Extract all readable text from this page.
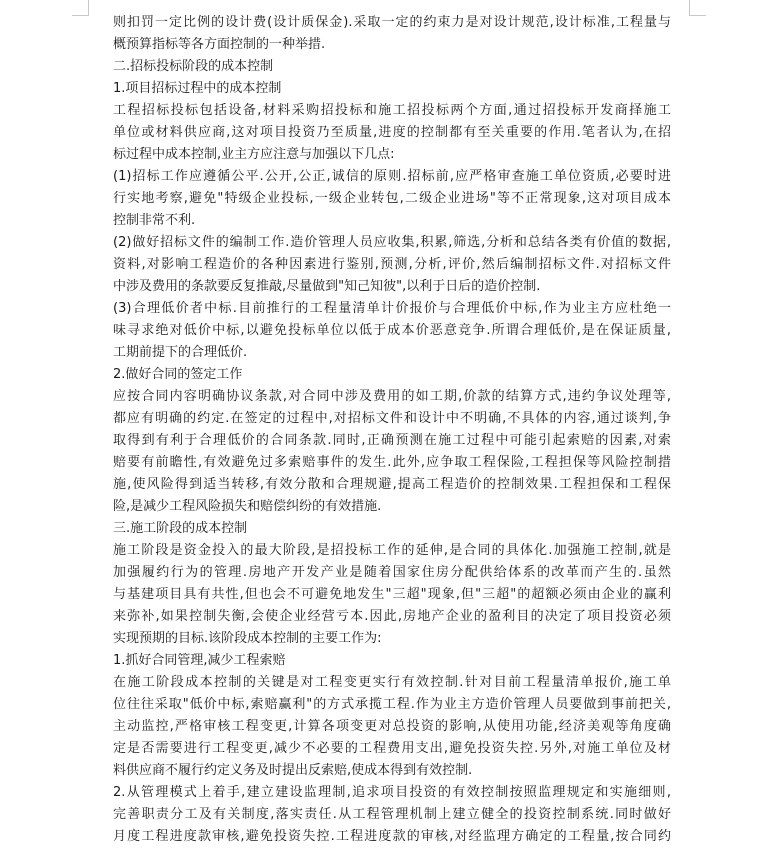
则扣罚一定比例的设计费(设计质保金).采取一定的约束力是对设计规范,设计标准,工程量与
概预算指标等各方面控制的一种举措.
二.招标投标阶段的成本控制
1.项目招标过程中的成本控制
工程招标投标包括设备,材料采购招投标和施工招投标两个方面,通过招投标开发商择施工
单位或材料供应商,这对项目投资乃至质量,进度的控制都有至关重要的作用.笔者认为,在招
标过程中成本控制,业主方应注意与加强以下几点:
(1)招标工作应遵循公平.公开,公正,诚信的原则.招标前,应严格审查施工单位资质,必要时进
行实地考察,避免"特级企业投标,一级企业转包,二级企业进场"等不正常现象,这对项目成本
控制非常不利.
(2)做好招标文件的编制工作.造价管理人员应收集,积累,筛选,分析和总结各类有价值的数据,
资料,对影响工程造价的各种因素进行鉴别,预测,分析,评价,然后编制招标文件.对招标文件
中涉及费用的条款要反复推敲,尽量做到"知己知彼",以利于日后的造价控制.
(3)合理低价者中标.目前推行的工程量清单计价报价与合理低价中标,作为业主方应杜绝一
味寻求绝对低价中标,以避免投标单位以低于成本价恶意竞争.所谓合理低价,是在保证质量,
工期前提下的合理低价.
2.做好合同的签定工作
应按合同内容明确协议条款,对合同中涉及费用的如工期,价款的结算方式,违约争议处理等,
都应有明确的约定.在签定的过程中,对招标文件和设计中不明确,不具体的内容,通过谈判,争
取得到有利于合理低价的合同条款.同时,正确预测在施工过程中可能引起索赔的因素,对索
赔要有前瞻性,有效避免过多索赔事件的发生.此外,应争取工程保险,工程担保等风险控制措
施,使风险得到适当转移,有效分散和合理规避,提高工程造价的控制效果.工程担保和工程保
险,是减少工程风险损失和赔偿纠纷的有效措施.
三.施工阶段的成本控制
施工阶段是资金投入的最大阶段,是招投标工作的延伸,是合同的具体化.加强施工控制,就是
加强履约行为的管理.房地产开发产业是随着国家住房分配供给体系的改革而产生的.虽然
与基建项目具有共性,但也会不可避免地发生"三超"现象,但"三超"的超额必须由企业的赢利
来弥补,如果控制失衡,会使企业经营亏本.因此,房地产企业的盈利目的决定了项目投资必须
实现预期的目标.该阶段成本控制的主要工作为:
1.抓好合同管理,减少工程索赔
在施工阶段成本控制的关键是对工程变更实行有效控制.针对目前工程量清单报价,施工单
位往往采取"低价中标,索赔赢利"的方式承揽工程.作为业主方造价管理人员要做到事前把关,
主动监控,严格审核工程变更,计算各项变更对总投资的影响,从使用功能,经济美观等角度确
定是否需要进行工程变更,减少不必要的工程费用支出,避免投资失控.另外,对施工单位及材
料供应商不履行约定义务及时提出反索赔,使成本得到有效控制.
2.从管理模式上着手,建立建设监理制,追求项目投资的有效控制按照监理规定和实施细则,
完善职责分工及有关制度,落实责任.从工程管理机制上建立健全的投资控制系统.同时做好
月度工程进度款审核,避免投资失控.工程进度款的审核,对经监理方确定的工程量,按合同约
